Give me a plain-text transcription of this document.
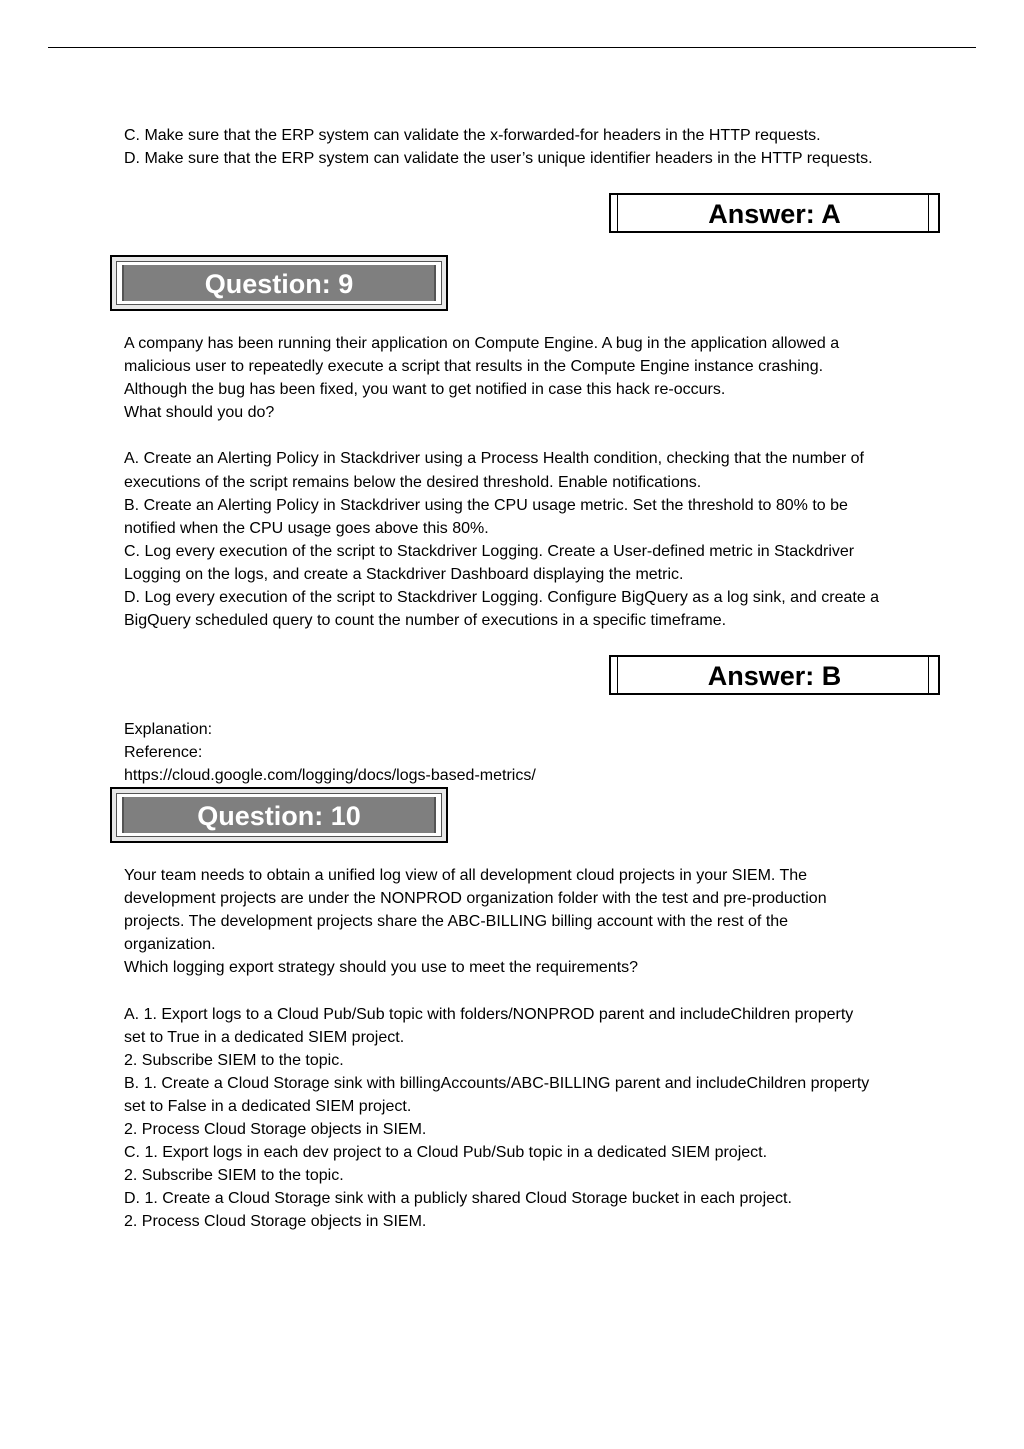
C. Make sure that the ERP system can validate the x-forwarded-for headers in the HTTP requests.
D. Make sure that the ERP system can validate the user’s unique identifier headers in the HTTP requests.
Answer: A
Question: 9
A company has been running their application on Compute Engine. A bug in the application allowed a
malicious user to repeatedly execute a script that results in the Compute Engine instance crashing.
Although the bug has been fixed, you want to get notified in case this hack re-occurs.
What should you do?
A. Create an Alerting Policy in Stackdriver using a Process Health condition, checking that the number of
executions of the script remains below the desired threshold. Enable notifications.
B. Create an Alerting Policy in Stackdriver using the CPU usage metric. Set the threshold to 80% to be
notified when the CPU usage goes above this 80%.
C. Log every execution of the script to Stackdriver Logging. Create a User-defined metric in Stackdriver
Logging on the logs, and create a Stackdriver Dashboard displaying the metric.
D. Log every execution of the script to Stackdriver Logging. Configure BigQuery as a log sink, and create a
BigQuery scheduled query to count the number of executions in a specific timeframe.
Answer: B
Explanation:
Reference:
https://cloud.google.com/logging/docs/logs-based-metrics/
Question: 10
Your team needs to obtain a unified log view of all development cloud projects in your SIEM. The
development projects are under the NONPROD organization folder with the test and pre-production
projects. The development projects share the ABC-BILLING billing account with the rest of the
organization.
Which logging export strategy should you use to meet the requirements?
A. 1. Export logs to a Cloud Pub/Sub topic with folders/NONPROD parent and includeChildren property
set to True in a dedicated SIEM project.
2. Subscribe SIEM to the topic.
B. 1. Create a Cloud Storage sink with billingAccounts/ABC-BILLING parent and includeChildren property
set to False in a dedicated SIEM project.
2. Process Cloud Storage objects in SIEM.
C. 1. Export logs in each dev project to a Cloud Pub/Sub topic in a dedicated SIEM project.
2. Subscribe SIEM to the topic.
D. 1. Create a Cloud Storage sink with a publicly shared Cloud Storage bucket in each project.
2. Process Cloud Storage objects in SIEM.
